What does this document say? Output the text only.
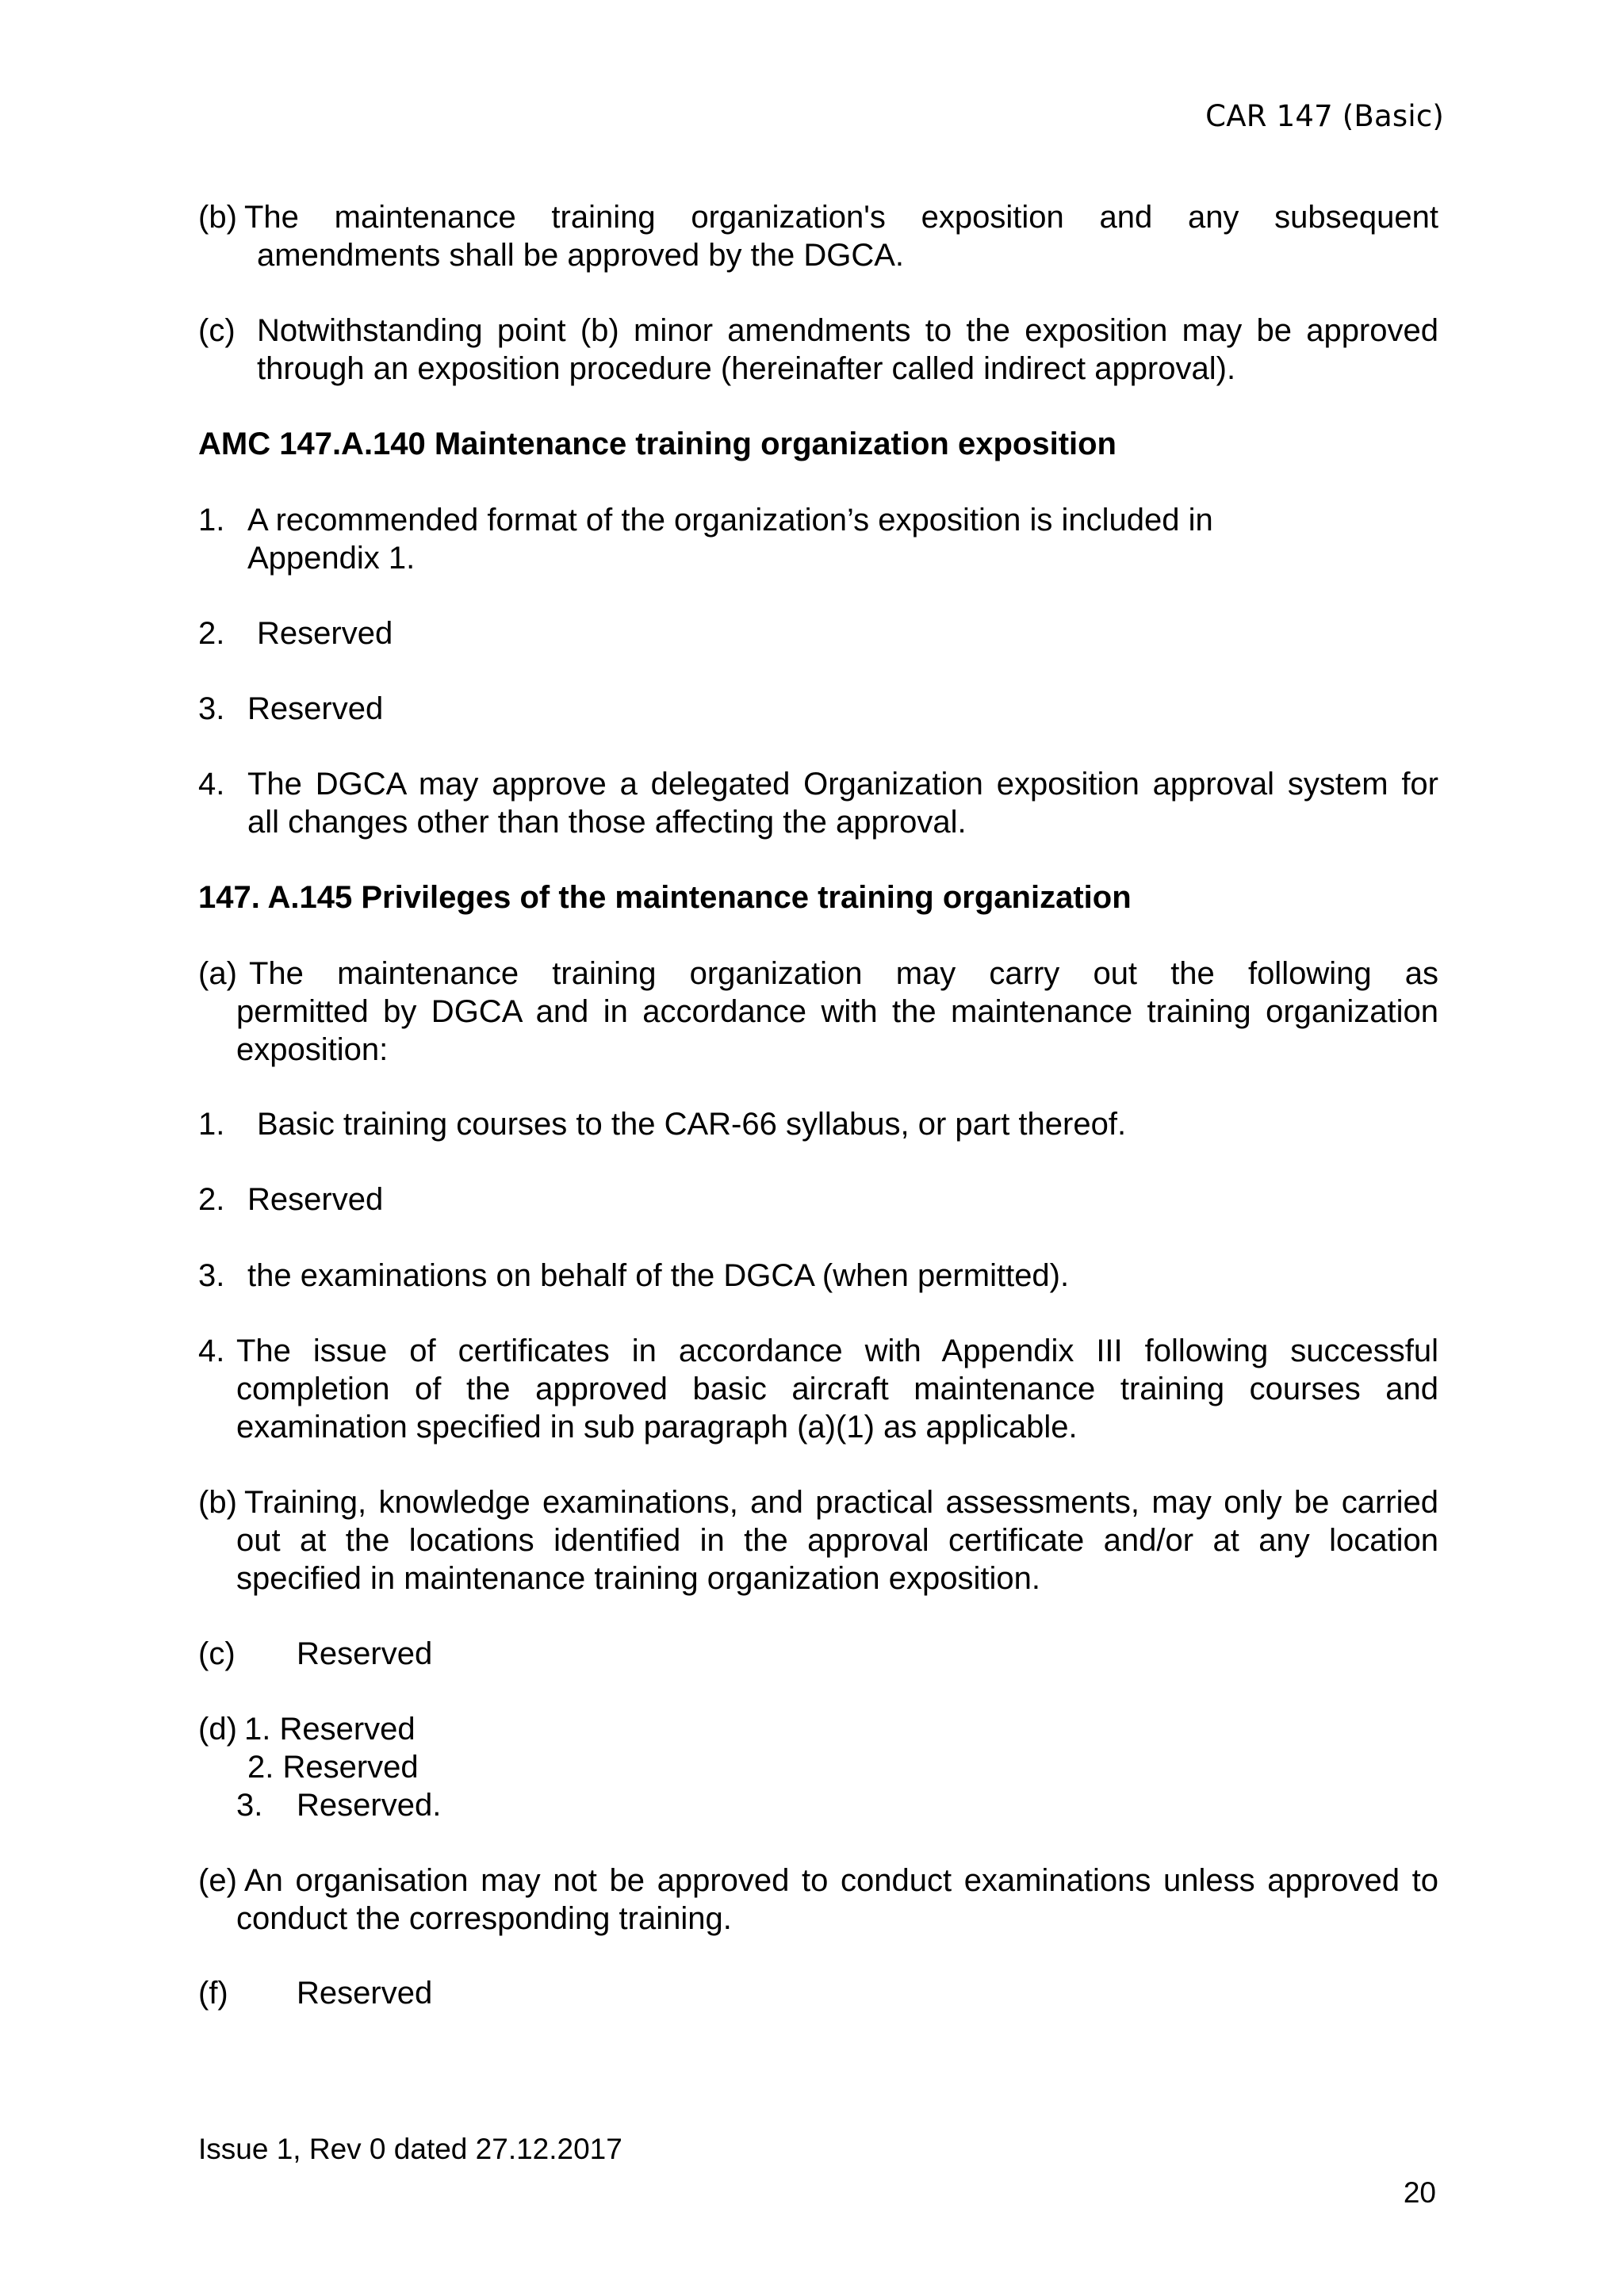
CAR 147 (Basic)
(b) The maintenance training organization's exposition and any subsequent
amendments shall be approved by the DGCA.
(c) Notwithstanding point (b) minor amendments to the exposition may be approved
through an exposition procedure (hereinafter called indirect approval).
AMC 147.A.140 Maintenance training organization exposition
1. A recommended format of the organization’s exposition is included in
Appendix 1.
2.	Reserved
3. Reserved
4. The DGCA may approve a delegated Organization exposition approval system for
all changes other than those affecting the approval.
147. A.145 Privileges of the maintenance training organization
(a) The maintenance training organization may carry out the following as
permitted by DGCA and in accordance with the maintenance training organization
exposition:
1.	Basic training courses to the CAR-66 syllabus, or part thereof.
2. Reserved
3. the examinations on behalf of the DGCA (when permitted).
4. The issue of certificates in accordance with Appendix III following successful
completion of the approved basic aircraft maintenance training courses and
examination specified in sub paragraph (a)(1) as applicable.
(b) Training, knowledge examinations, and practical assessments, may only be carried
out at the locations identified in the approval certificate and/or at any location
specified in maintenance training organization exposition.
(c)	Reserved
(d) 1. Reserved
2. Reserved
3.	Reserved.
(e) An organisation may not be approved to conduct examinations unless approved to
conduct the corresponding training.
(f)	Reserved
Issue 1, Rev 0 dated 27.12.2017
20
